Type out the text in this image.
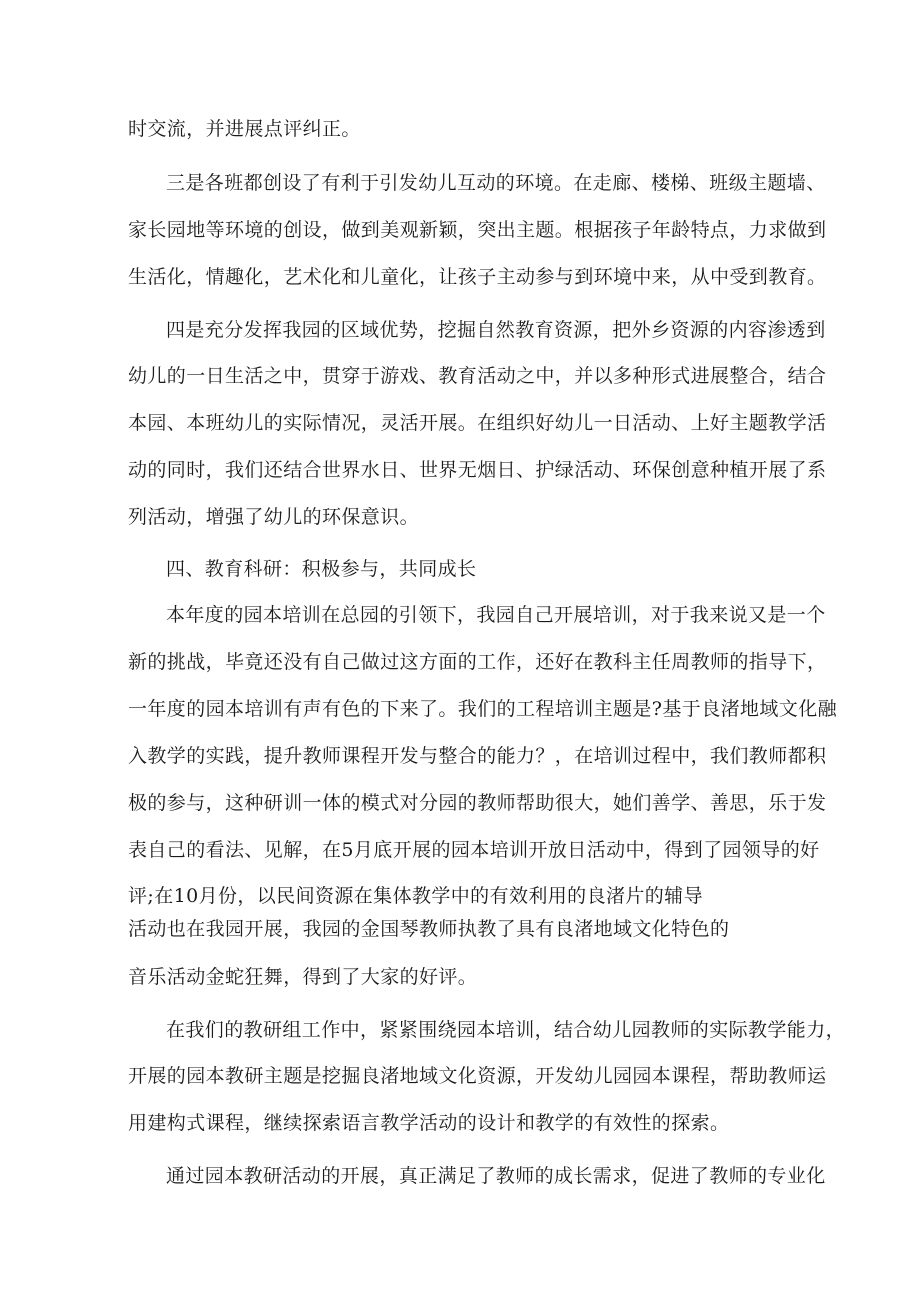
时交流，并进展点评纠正。
三是各班都创设了有利于引发幼儿互动的环境。在走廊、楼梯、班级主题墙、
家长园地等环境的创设，做到美观新颖，突出主题。根据孩子年龄特点，力求做到
生活化，情趣化，艺术化和儿童化，让孩子主动参与到环境中来，从中受到教育。
四是充分发挥我园的区域优势，挖掘自然教育资源，把外乡资源的内容渗透到
幼儿的一日生活之中，贯穿于游戏、教育活动之中，并以多种形式进展整合，结合
本园、本班幼儿的实际情况，灵活开展。在组织好幼儿一日活动、上好主题教学活
动的同时，我们还结合世界水日、世界无烟日、护绿活动、环保创意种植开展了系
列活动，增强了幼儿的环保意识。
四、教育科研：积极参与，共同成长
本年度的园本培训在总园的引领下，我园自己开展培训，对于我来说又是一个
新的挑战，毕竟还没有自己做过这方面的工作，还好在教科主任周教师的指导下，
一年度的园本培训有声有色的下来了。我们的工程培训主题是?基于良渚地域文化融
入教学的实践，提升教师课程开发与整合的能力？，在培训过程中，我们教师都积
极的参与，这种研训一体的模式对分园的教师帮助很大，她们善学、善思，乐于发
表自己的看法、见解，在5月底开展的园本培训开放日活动中，得到了园领导的好
评;在10月份，以民间资源在集体教学中的有效利用的良渚片的辅导
活动也在我园开展，我园的金国琴教师执教了具有良渚地域文化特色的
音乐活动金蛇狂舞，得到了大家的好评。
在我们的教研组工作中，紧紧围绕园本培训，结合幼儿园教师的实际教学能力，
开展的园本教研主题是挖掘良渚地域文化资源，开发幼儿园园本课程，帮助教师运
用建构式课程，继续探索语言教学活动的设计和教学的有效性的探索。
通过园本教研活动的开展，真正满足了教师的成长需求，促进了教师的专业化
